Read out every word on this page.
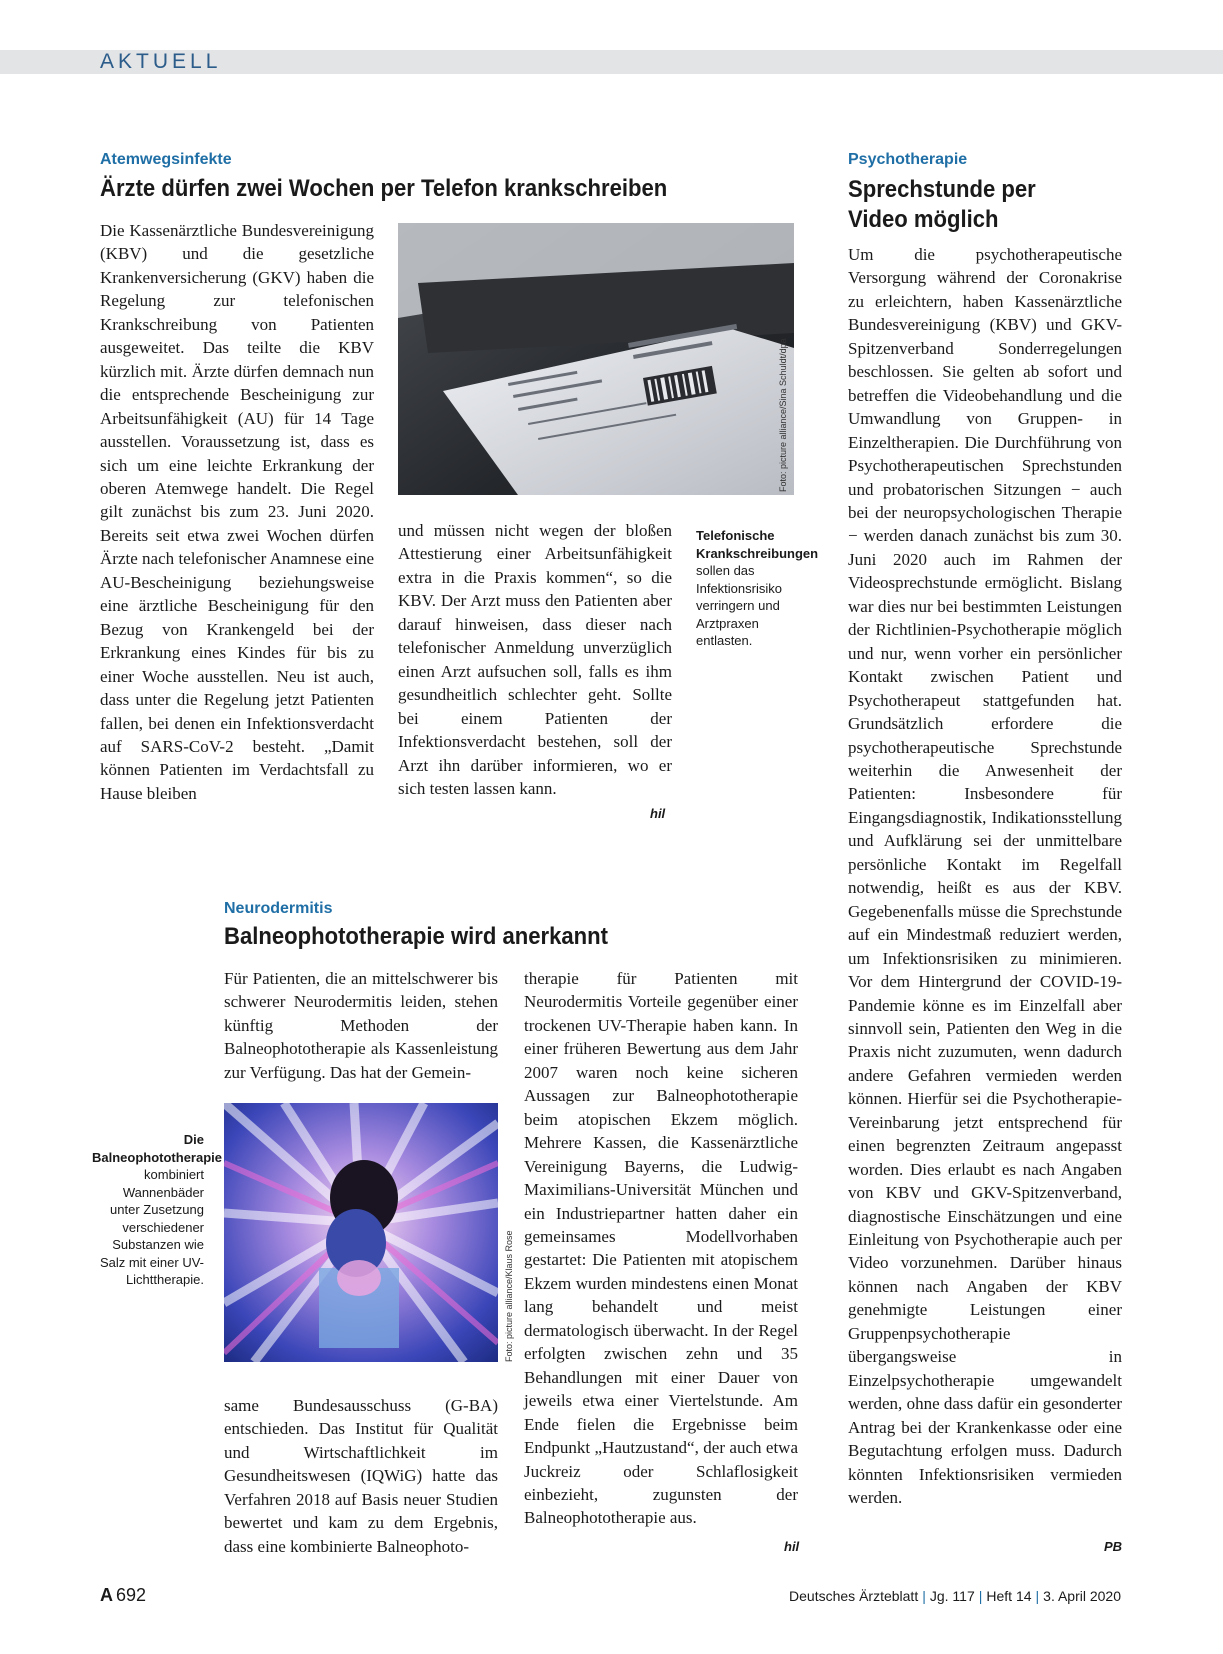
AKTUELL
Atemwegsinfekte
Ärzte dürfen zwei Wochen per Telefon krankschreiben
Die Kassenärztliche Bundesvereinigung (KBV) und die gesetzliche Krankenversicherung (GKV) haben die Regelung zur telefonischen Krankschreibung von Patienten ausgeweitet. Das teilte die KBV kürzlich mit. Ärzte dürfen demnach nun die entsprechende Bescheinigung zur Arbeitsunfähigkeit (AU) für 14 Tage ausstellen. Voraussetzung ist, dass es sich um eine leichte Erkrankung der oberen Atemwege handelt. Die Regel gilt zunächst bis zum 23. Juni 2020. Bereits seit etwa zwei Wochen dürfen Ärzte nach telefonischer Anamnese eine AU-Bescheinigung beziehungsweise eine ärztliche Bescheinigung für den Bezug von Krankengeld bei der Erkrankung eines Kindes für bis zu einer Woche ausstellen. Neu ist auch, dass unter die Regelung jetzt Patienten fallen, bei denen ein Infektionsverdacht auf SARS-CoV-2 besteht. „Damit können Patienten im Verdachtsfall zu Hause bleiben
Foto: picture alliance/Sina Schuldt/dpa
und müssen nicht wegen der bloßen Attestierung einer Arbeitsunfähigkeit extra in die Praxis kommen“, so die KBV. Der Arzt muss den Patienten aber darauf hinweisen, dass dieser nach telefonischer Anmeldung unverzüglich einen Arzt aufsuchen soll, falls es ihm gesundheitlich schlechter geht. Sollte bei einem Patienten der Infektionsverdacht bestehen, soll der Arzt ihn darüber informieren, wo er sich testen lassen kann.
hil
Telefonische Krankschreibungen sollen das Infektionsrisiko verringern und Arztpraxen entlasten.
Neurodermitis
Balneophototherapie wird anerkannt
Für Patienten, die an mittelschwerer bis schwerer Neurodermitis leiden, stehen künftig Methoden der Balneophototherapie als Kassenleistung zur Verfügung. Das hat der Gemein-
Foto: picture alliance/Klaus Rose
Die Balneophototherapie kombiniert Wannenbäder unter Zusetzung verschiedener Substanzen wie Salz mit einer UV-Lichttherapie.
same Bundesausschuss (G-BA) entschieden. Das Institut für Qualität und Wirtschaftlichkeit im Gesundheitswesen (IQWiG) hatte das Verfahren 2018 auf Basis neuer Studien bewertet und kam zu dem Ergebnis, dass eine kombinierte Balneophoto-
therapie für Patienten mit Neurodermitis Vorteile gegenüber einer trockenen UV-Therapie haben kann. In einer früheren Bewertung aus dem Jahr 2007 waren noch keine sicheren Aussagen zur Balneophototherapie beim atopischen Ekzem möglich. Mehrere Kassen, die Kassenärztliche Vereinigung Bayerns, die Ludwig-Maximilians-Universität München und ein Industriepartner hatten daher ein gemeinsames Modellvorhaben gestartet: Die Patienten mit atopischem Ekzem wurden mindestens einen Monat lang behandelt und meist dermatologisch überwacht. In der Regel erfolgten zwischen zehn und 35 Behandlungen mit einer Dauer von jeweils etwa einer Viertelstunde. Am Ende fielen die Ergebnisse beim Endpunkt „Hautzustand“, der auch etwa Juckreiz oder Schlaflosigkeit einbezieht, zugunsten der Balneophototherapie aus.
hil
Psychotherapie
Sprechstunde per
Video möglich
Um die psychotherapeutische Versorgung während der Coronakrise zu erleichtern, haben Kassenärztliche Bundesvereinigung (KBV) und GKV-Spitzenverband Sonderregelungen beschlossen. Sie gelten ab sofort und betreffen die Videobehandlung und die Umwandlung von Gruppen- in Einzeltherapien. Die Durchführung von Psychotherapeutischen Sprechstunden und probatorischen Sitzungen − auch bei der neuropsychologischen Therapie − werden danach zunächst bis zum 30. Juni 2020 auch im Rahmen der Videosprechstunde ermöglicht. Bislang war dies nur bei bestimmten Leistungen der Richtlinien-Psychotherapie möglich und nur, wenn vorher ein persönlicher Kontakt zwischen Patient und Psychotherapeut stattgefunden hat. Grundsätzlich erfordere die psychotherapeutische Sprechstunde weiterhin die Anwesenheit der Patienten: Insbesondere für Eingangsdiagnostik, Indikationsstellung und Aufklärung sei der unmittelbare persönliche Kontakt im Regelfall notwendig, heißt es aus der KBV. Gegebenenfalls müsse die Sprechstunde auf ein Mindestmaß reduziert werden, um Infektionsrisiken zu minimieren. Vor dem Hintergrund der COVID-19-Pandemie könne es im Einzelfall aber sinnvoll sein, Patienten den Weg in die Praxis nicht zuzumuten, wenn dadurch andere Gefahren vermieden werden können. Hierfür sei die Psychotherapie-Vereinbarung jetzt entsprechend für einen begrenzten Zeitraum angepasst worden. Dies erlaubt es nach Angaben von KBV und GKV-Spitzenverband, diagnostische Einschätzungen und eine Einleitung von Psychotherapie auch per Video vorzunehmen. Darüber hinaus können nach Angaben der KBV genehmigte Leistungen einer Gruppenpsychotherapie übergangsweise in Einzelpsychotherapie umgewandelt werden, ohne dass dafür ein gesonderter Antrag bei der Krankenkasse oder eine Begutachtung erfolgen muss. Dadurch könnten Infektionsrisiken vermieden werden.
PB
A 692	Deutsches Ärzteblatt | Jg. 117 | Heft 14 | 3. April 2020
